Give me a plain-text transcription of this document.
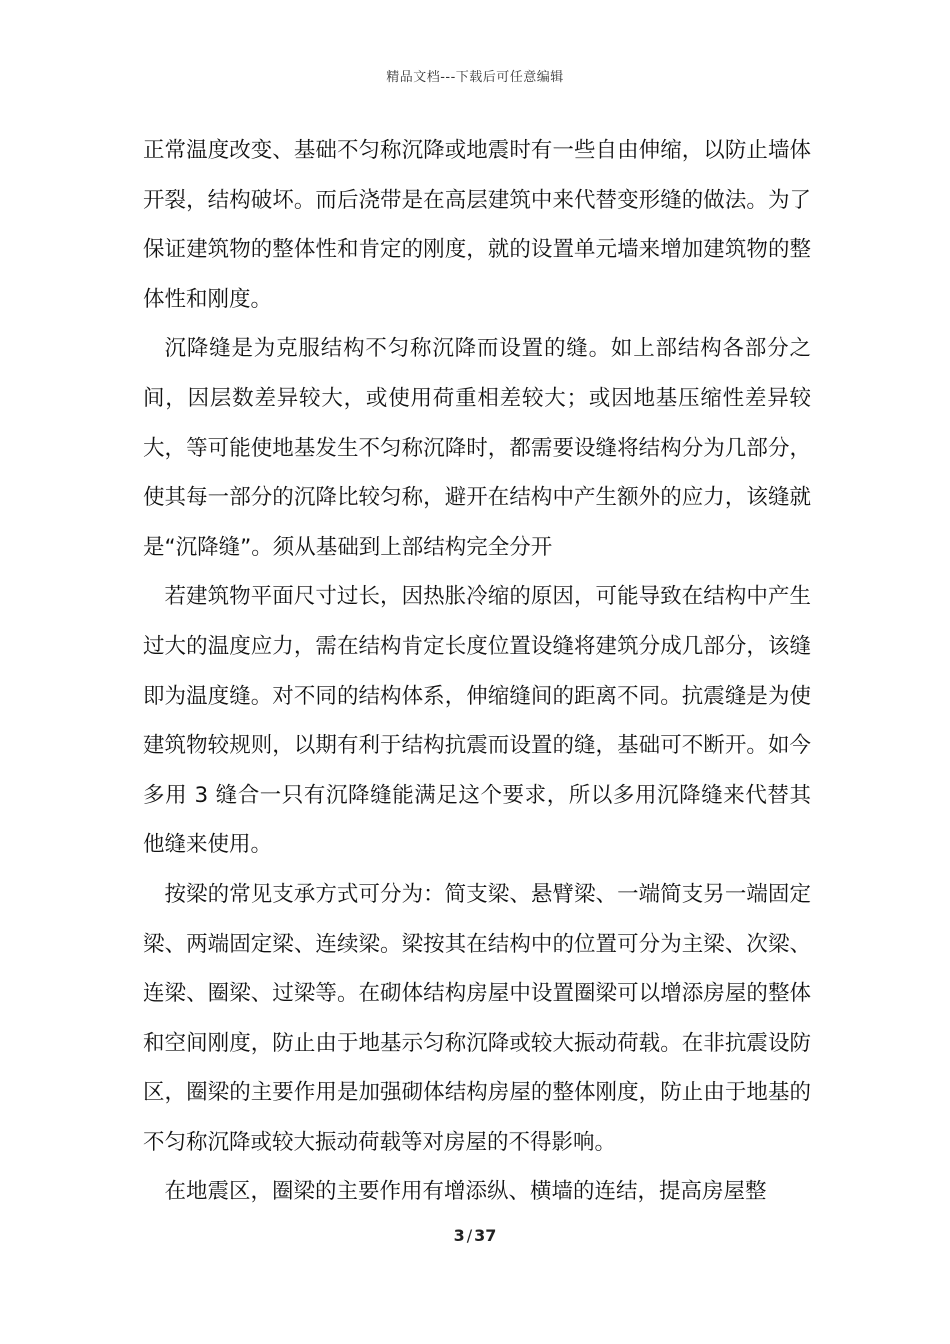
精品文档---下载后可任意编辑

正常温度改变、基础不匀称沉降或地震时有一些自由伸缩，以防止墙体开裂，结构破坏。而后浇带是在高层建筑中来代替变形缝的做法。为了保证建筑物的整体性和肯定的刚度，就的设置单元墙来增加建筑物的整体性和刚度。

沉降缝是为克服结构不匀称沉降而设置的缝。如上部结构各部分之间，因层数差异较大，或使用荷重相差较大；或因地基压缩性差异较大，等可能使地基发生不匀称沉降时，都需要设缝将结构分为几部分，使其每一部分的沉降比较匀称，避开在结构中产生额外的应力，该缝就是“沉降缝”。须从基础到上部结构完全分开

若建筑物平面尺寸过长，因热胀冷缩的原因，可能导致在结构中产生过大的温度应力，需在结构肯定长度位置设缝将建筑分成几部分，该缝即为温度缝。对不同的结构体系，伸缩缝间的距离不同。抗震缝是为使建筑物较规则，以期有利于结构抗震而设置的缝，基础可不断开。如今多用 3 缝合一只有沉降缝能满足这个要求，所以多用沉降缝来代替其他缝来使用。

按梁的常见支承方式可分为：简支梁、悬臂梁、一端简支另一端固定梁、两端固定梁、连续梁。梁按其在结构中的位置可分为主梁、次梁、连梁、圈梁、过梁等。在砌体结构房屋中设置圈梁可以增添房屋的整体和空间刚度，防止由于地基示匀称沉降或较大振动荷载。在非抗震设防区，圈梁的主要作用是加强砌体结构房屋的整体刚度，防止由于地基的不匀称沉降或较大振动荷载等对房屋的不得影响。

在地震区，圈梁的主要作用有增添纵、横墙的连结，提高房屋整

3 / 37
